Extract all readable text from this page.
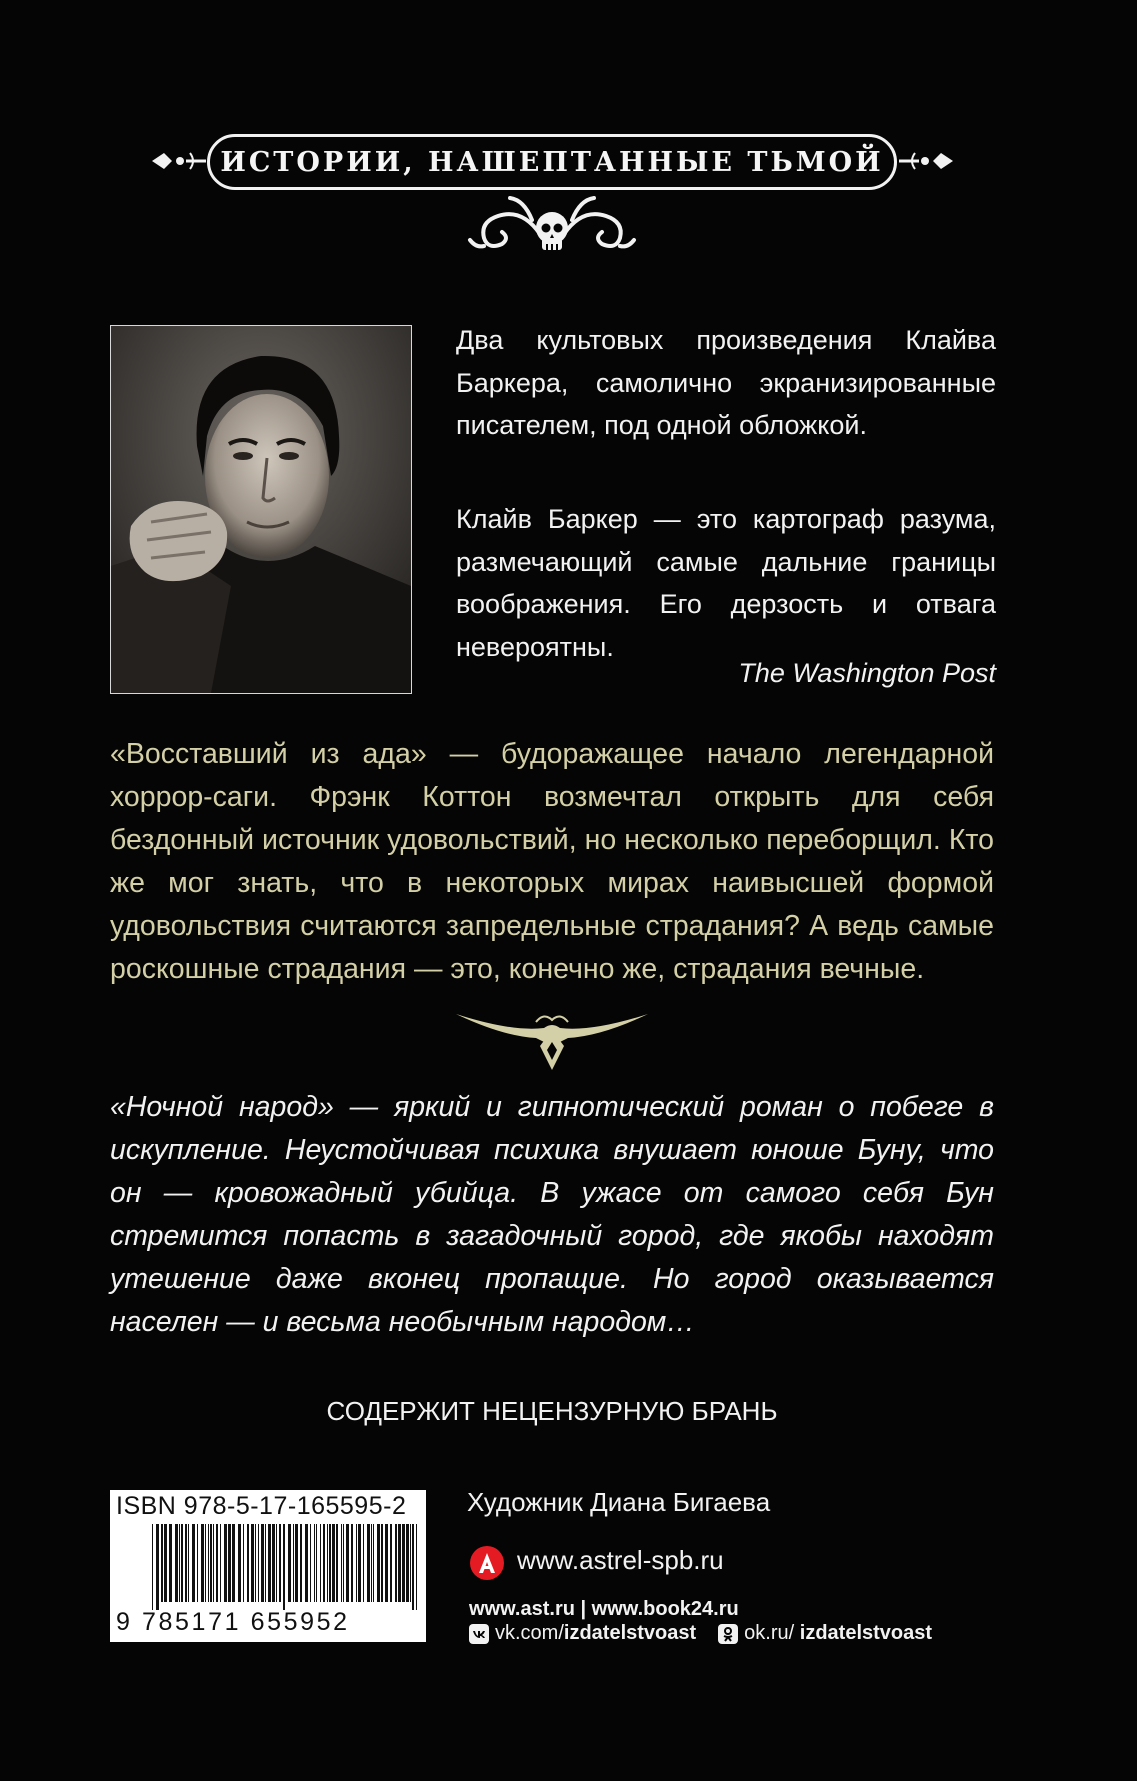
ИСТОРИИ, НАШЕПТАННЫЕ ТЬМОЙ
Два культовых произведения Клайва Баркера, самолично экранизированные писателем, под одной обложкой.
Клайв Баркер — это картограф разума, размечающий самые дальние границы воображения. Его дерзость и отвага невероятны.
The Washington Post
«Восставший из ада» — будоражащее начало легендарной хоррор-саги. Фрэнк Коттон возмечтал открыть для себя бездонный источник удовольствий, но несколько переборщил. Кто же мог знать, что в некоторых мирах наивысшей формой удовольствия считаются запредельные страдания? А ведь самые роскошные страдания — это, конечно же, страдания вечные.
«Ночной народ» — яркий и гипнотический роман о побеге в искупление. Неустойчивая психика внушает юноше Буну, что он — кровожадный убийца. В ужасе от самого себя Бун стремится попасть в загадочный город, где якобы находят утешение даже вконец пропащие. Но город оказывается населен — и весьма необычным народом…
СОДЕРЖИТ НЕЦЕНЗУРНУЮ БРАНЬ
ISBN 978-5-17-165595-2
9 785171 655952
Художник Диана Бигаева
www.astrel-spb.ru
www.ast.ru | www.book24.ru
vk.com/izdatelstvoast ok.ru/ izdatelstvoast
